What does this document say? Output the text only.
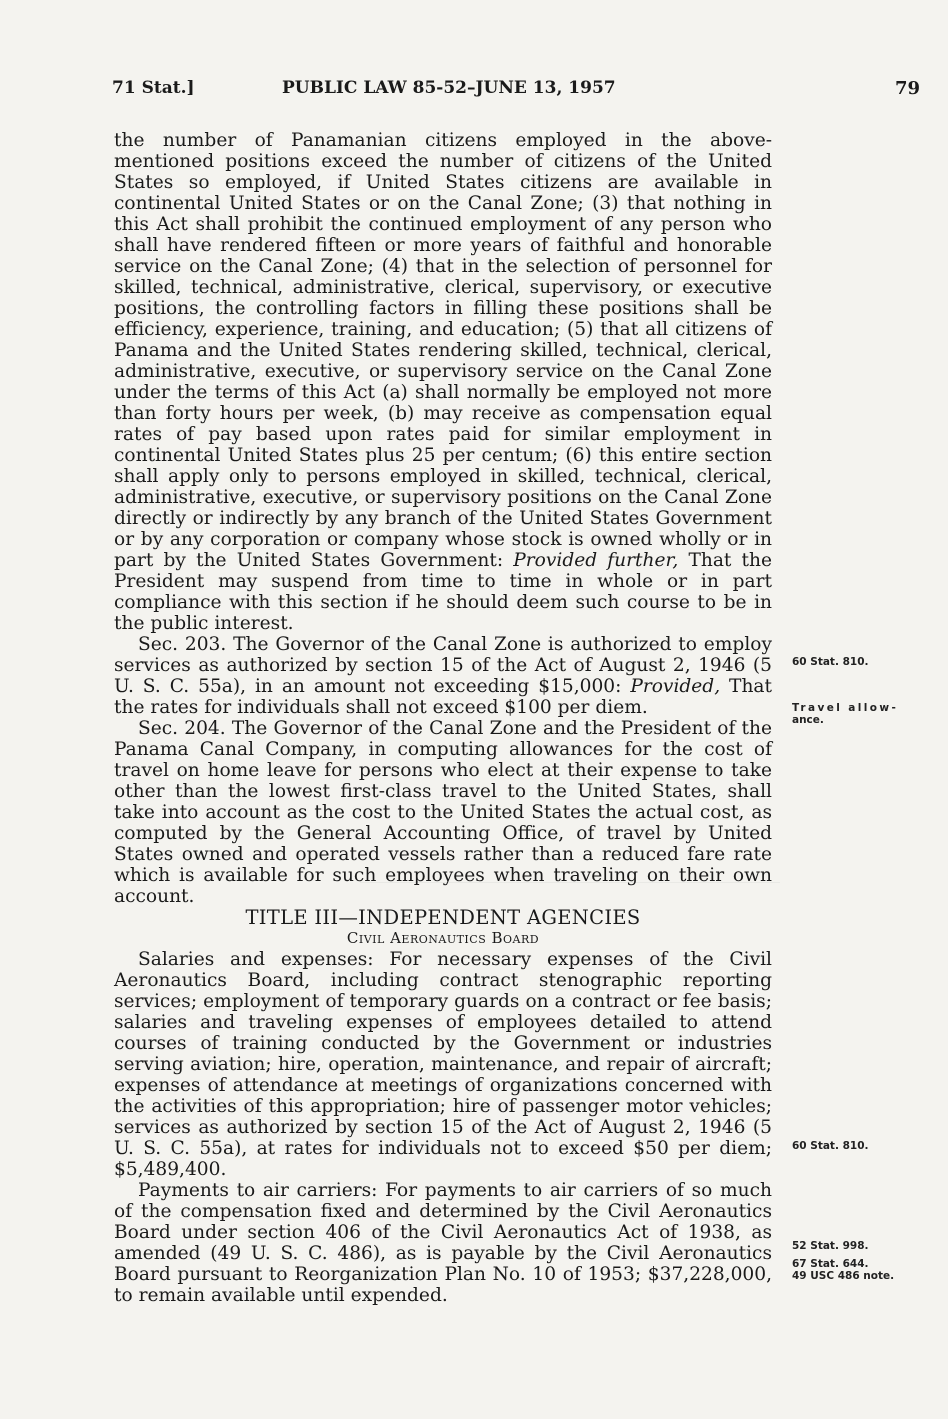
71 Stat.]	PUBLIC LAW 85-52–JUNE 13, 1957	79

the number of Panamanian citizens employed in the above-mentioned positions exceed the number of citizens of the United States so employed, if United States citizens are available in continental United States or on the Canal Zone; (3) that nothing in this Act shall prohibit the continued employment of any person who shall have rendered fifteen or more years of faithful and honorable service on the Canal Zone; (4) that in the selection of personnel for skilled, technical, administrative, clerical, supervisory, or executive positions, the controlling factors in filling these positions shall be efficiency, experience, training, and education; (5) that all citizens of Panama and the United States rendering skilled, technical, clerical, administrative, executive, or supervisory service on the Canal Zone under the terms of this Act (a) shall normally be employed not more than forty hours per week, (b) may receive as compensation equal rates of pay based upon rates paid for similar employment in continental United States plus 25 per centum; (6) this entire section shall apply only to persons employed in skilled, technical, clerical, administrative, executive, or supervisory positions on the Canal Zone directly or indirectly by any branch of the United States Government or by any corporation or company whose stock is owned wholly or in part by the United States Government: Provided further, That the President may suspend from time to time in whole or in part compliance with this section if he should deem such course to be in the public interest.

Sec. 203. The Governor of the Canal Zone is authorized to employ services as authorized by section 15 of the Act of August 2, 1946 (5 U. S. C. 55a), in an amount not exceeding $15,000: Provided, That the rates for individuals shall not exceed $100 per diem.

Sec. 204. The Governor of the Canal Zone and the President of the Panama Canal Company, in computing allowances for the cost of travel on home leave for persons who elect at their expense to take other than the lowest first-class travel to the United States, shall take into account as the cost to the United States the actual cost, as computed by the General Accounting Office, of travel by United States owned and operated vessels rather than a reduced fare rate which is available for such employees when traveling on their own account.

TITLE III—INDEPENDENT AGENCIES

Civil Aeronautics Board

Salaries and expenses: For necessary expenses of the Civil Aeronautics Board, including contract stenographic reporting services; employment of temporary guards on a contract or fee basis; salaries and traveling expenses of employees detailed to attend courses of training conducted by the Government or industries serving aviation; hire, operation, maintenance, and repair of aircraft; expenses of attendance at meetings of organizations concerned with the activities of this appropriation; hire of passenger motor vehicles; services as authorized by section 15 of the Act of August 2, 1946 (5 U. S. C. 55a), at rates for individuals not to exceed $50 per diem; $5,489,400.

Payments to air carriers: For payments to air carriers of so much of the compensation fixed and determined by the Civil Aeronautics Board under section 406 of the Civil Aeronautics Act of 1938, as amended (49 U. S. C. 486), as is payable by the Civil Aeronautics Board pursuant to Reorganization Plan No. 10 of 1953; $37,228,000, to remain available until expended.

60 Stat. 810.
Travel allow-
ance.
60 Stat. 810.
52 Stat. 998.
67 Stat. 644.
49 USC 486 note.
